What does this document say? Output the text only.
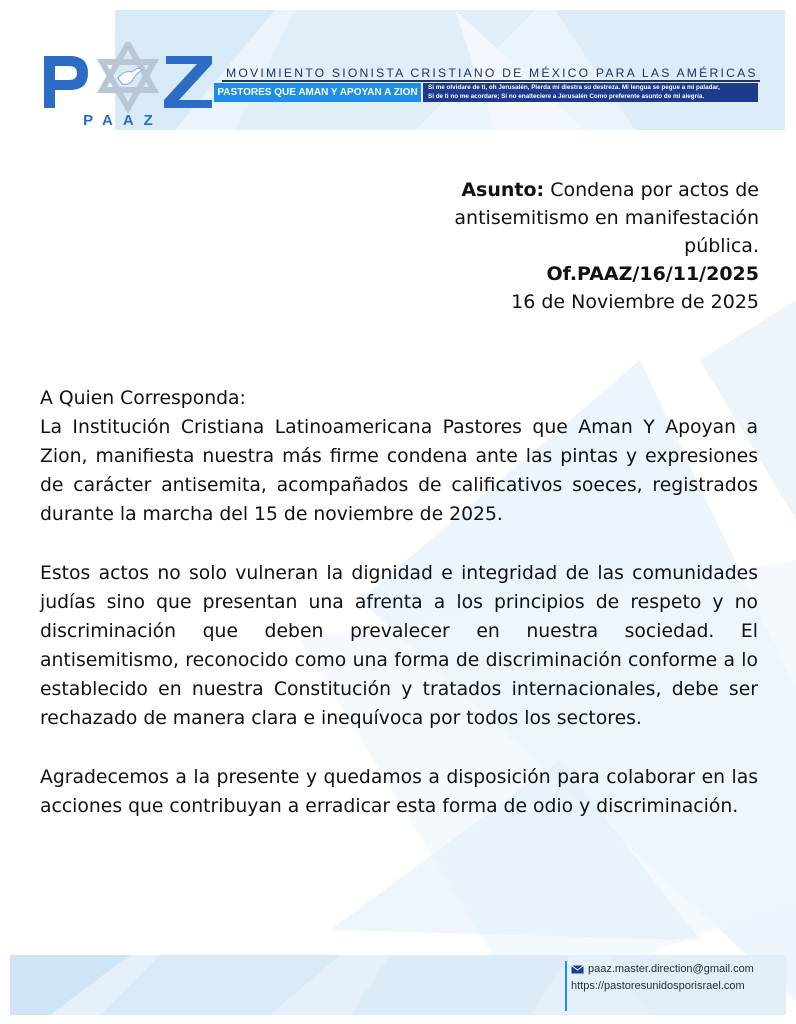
PAAZ
MOVIMIENTO SIONISTA CRISTIANO DE MÉXICO PARA LAS AMÉRICAS
PASTORES QUE AMAN Y APOYAN A ZION	Si me olvidare de ti, oh Jerusalén, Pierda mi diestra su destreza. Mi lengua se pegue a mi paladar,
Si de ti no me acordare; Si no enalteciere a Jerusalén Como preferente asunto de mi alegría.
Asunto: Condena por actos de
antisemitismo en manifestación
pública.
Of.PAAZ/16/11/2025
16 de Noviembre de 2025

A Quien Corresponda:

La Institución Cristiana Latinoamericana Pastores que Aman Y Apoyan a Zion, manifiesta nuestra más firme condena ante las pintas y expresiones de carácter antisemita, acompañados de calificativos soeces, registrados durante la marcha del 15 de noviembre de 2025.

Estos actos no solo vulneran la dignidad e integridad de las comunidades judías sino que presentan una afrenta a los principios de respeto y no discriminación que deben prevalecer en nuestra sociedad. El antisemitismo, reconocido como una forma de discriminación conforme a lo establecido en nuestra Constitución y tratados internacionales, debe ser rechazado de manera clara e inequívoca por todos los sectores.

Agradecemos a la presente y quedamos a disposición para colaborar en las acciones que contribuyan a erradicar esta forma de odio y discriminación.

paaz.master.direction@gmail.com
https://pastoresunidosporisrael.com
